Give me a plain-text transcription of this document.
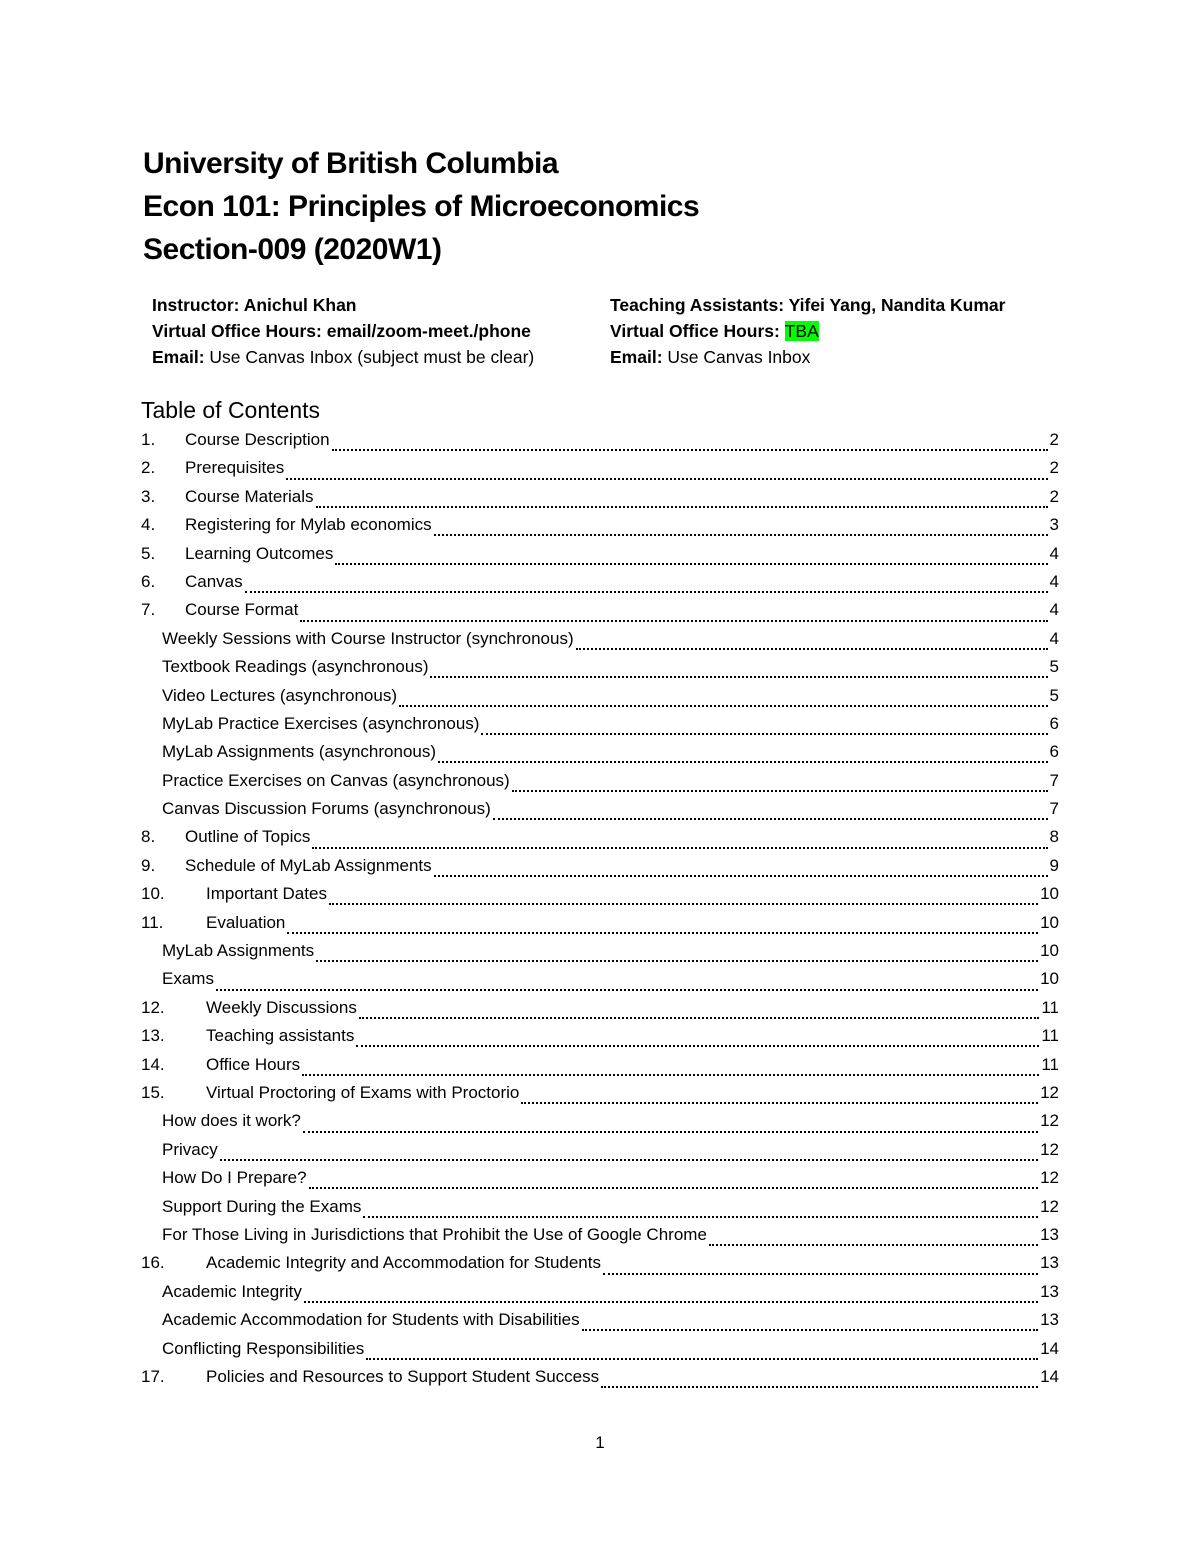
University of British Columbia
Econ 101: Principles of Microeconomics
Section-009 (2020W1)
Instructor: Anichul Khan
Virtual Office Hours: email/zoom-meet./phone
Email: Use Canvas Inbox (subject must be clear)
Teaching Assistants: Yifei Yang, Nandita Kumar
Virtual Office Hours: TBA
Email: Use Canvas Inbox
Table of Contents
1.	Course Description	2
2.	Prerequisites	2
3.	Course Materials	2
4.	Registering for Mylab economics	3
5.	Learning Outcomes	4
6.	Canvas	4
7.	Course Format	4
Weekly Sessions with Course Instructor (synchronous)	4
Textbook Readings (asynchronous)	5
Video Lectures (asynchronous)	5
MyLab Practice Exercises (asynchronous)	6
MyLab Assignments (asynchronous)	6
Practice Exercises on Canvas (asynchronous)	7
Canvas Discussion Forums (asynchronous)	7
8.	Outline of Topics	8
9.	Schedule of MyLab Assignments	9
10.	Important Dates	10
11.	Evaluation	10
MyLab Assignments	10
Exams	10
12.	Weekly Discussions	11
13.	Teaching assistants	11
14.	Office Hours	11
15.	Virtual Proctoring of Exams with Proctorio	12
How does it work?	12
Privacy	12
How Do I Prepare?	12
Support During the Exams	12
For Those Living in Jurisdictions that Prohibit the Use of Google Chrome	13
16.	Academic Integrity and Accommodation for Students	13
Academic Integrity	13
Academic Accommodation for Students with Disabilities	13
Conflicting Responsibilities	14
17.	Policies and Resources to Support Student Success	14
1
